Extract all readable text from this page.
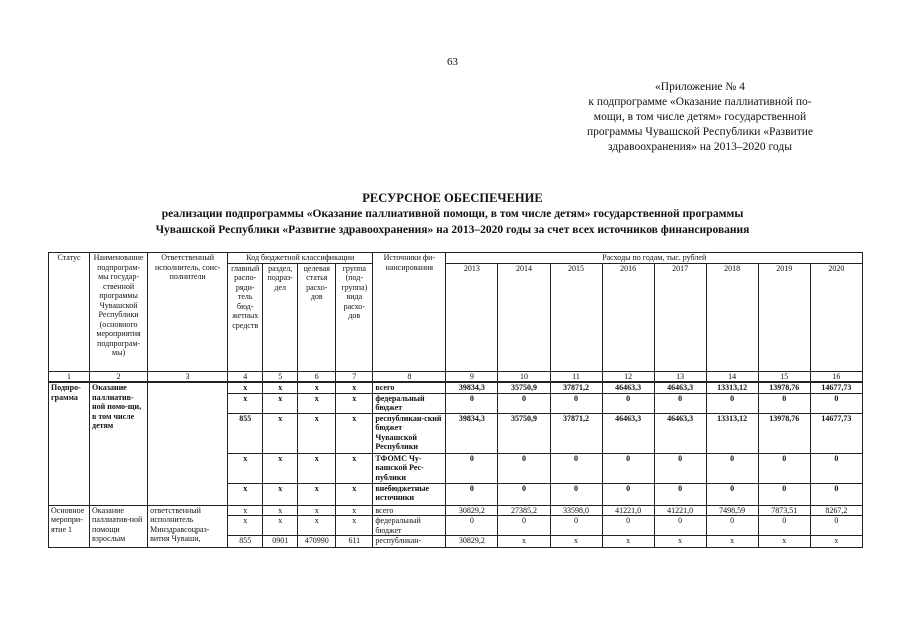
63
«Приложение № 4
к подпрограмме «Оказание паллиативной по-
мощи, в том числе детям» государственной
программы Чувашской Республики «Развитие
здравоохранения» на 2013–2020 годы
РЕСУРСНОЕ ОБЕСПЕЧЕНИЕ
реализации подпрограммы «Оказание паллиативной помощи, в том числе детям» государственной программы
Чувашской Республики «Развитие здравоохранения» на 2013–2020 годы за счет всех источников финансирования
Статус	Наименование подпрограм-мы государ-ственной программы Чувашской Республики (основного мероприятия подпрограм-мы)	Ответственный исполнитель, соис-полнители	Код бюджетной классификации				Источники фи-нансирования	Расходы по годам, тыс. рублей							
			главный распо-ряди-тель бюд-жетных средств	раздел, подраз-дел	целевая статья расхо-дов	группа (под-группа) вида расхо-дов		2013	2014	2015	2016	2017	2018	2019	2020
1	2	3	4	5	6	7	8	9	10	11	12	13	14	15	16
Подпро-грамма	Оказание паллиатив-ной помо-щи, в том числе детям		x	x	x	x	всего	39834,3	35750,9	37871,2	46463,3	46463,3	13313,12	13978,76	14677,73
			x	x	x	x	федеральный бюджет	0	0	0	0	0	0	0	0
			855	x	x	x	республикан-ский бюджет Чувашской Республики	39834,3	35750,9	37871,2	46463,3	46463,3	13313,12	13978,76	14677,73
			x	x	x	x	ТФОМС Чу-вашской Рес-публики	0	0	0	0	0	0	0	0
			x	x	x	x	внебюджетные источники	0	0	0	0	0	0	0	0
Основное меропри-ятие 1	Оказание паллиатив-ной помощи взрослым	ответственный исполнитель Минздравсоцраз-вития Чуваши,	x	x	x	x	всего	30829,2	27385,2	33598,0	41221,0	41221,0	7498,59	7873,51	8267,2
			x	x	x	x	федеральный бюджет	0	0	0	0	0	0	0	0
			855	0901	470990	611	республикан-	30829,2	x	x	x	x	x	x	x
